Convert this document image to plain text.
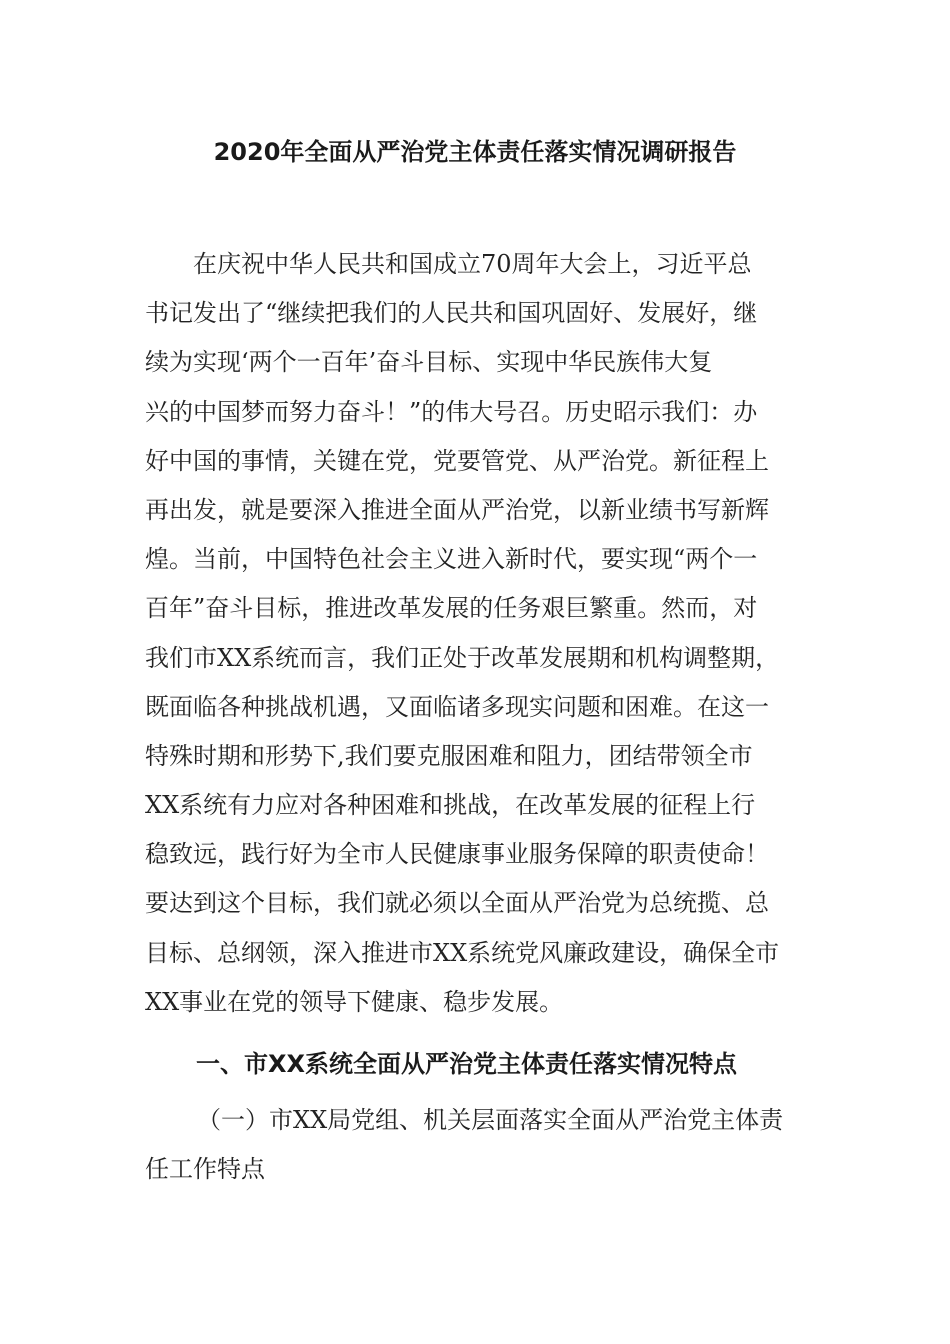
2020年全面从严治党主体责任落实情况调研报告
　　在庆祝中华人民共和国成立70周年大会上，习近平总
书记发出了“继续把我们的人民共和国巩固好、发展好，继
续为实现‘两个一百年’奋斗目标、实现中华民族伟大复
兴的中国梦而努力奋斗！”的伟大号召。历史昭示我们：办
好中国的事情，关键在党，党要管党、从严治党。新征程上
再出发，就是要深入推进全面从严治党，以新业绩书写新辉
煌。当前，中国特色社会主义进入新时代，要实现“两个一
百年”奋斗目标，推进改革发展的任务艰巨繁重。然而，对
我们市XX系统而言，我们正处于改革发展期和机构调整期，
既面临各种挑战机遇，又面临诸多现实问题和困难。在这一
特殊时期和形势下,我们要克服困难和阻力，团结带领全市
XX系统有力应对各种困难和挑战，在改革发展的征程上行
稳致远，践行好为全市人民健康事业服务保障的职责使命！
要达到这个目标，我们就必须以全面从严治党为总统揽、总
目标、总纲领，深入推进市XX系统党风廉政建设，确保全市
XX事业在党的领导下健康、稳步发展。
一、市XX系统全面从严治党主体责任落实情况特点
（一）市XX局党组、机关层面落实全面从严治党主体责
任工作特点
